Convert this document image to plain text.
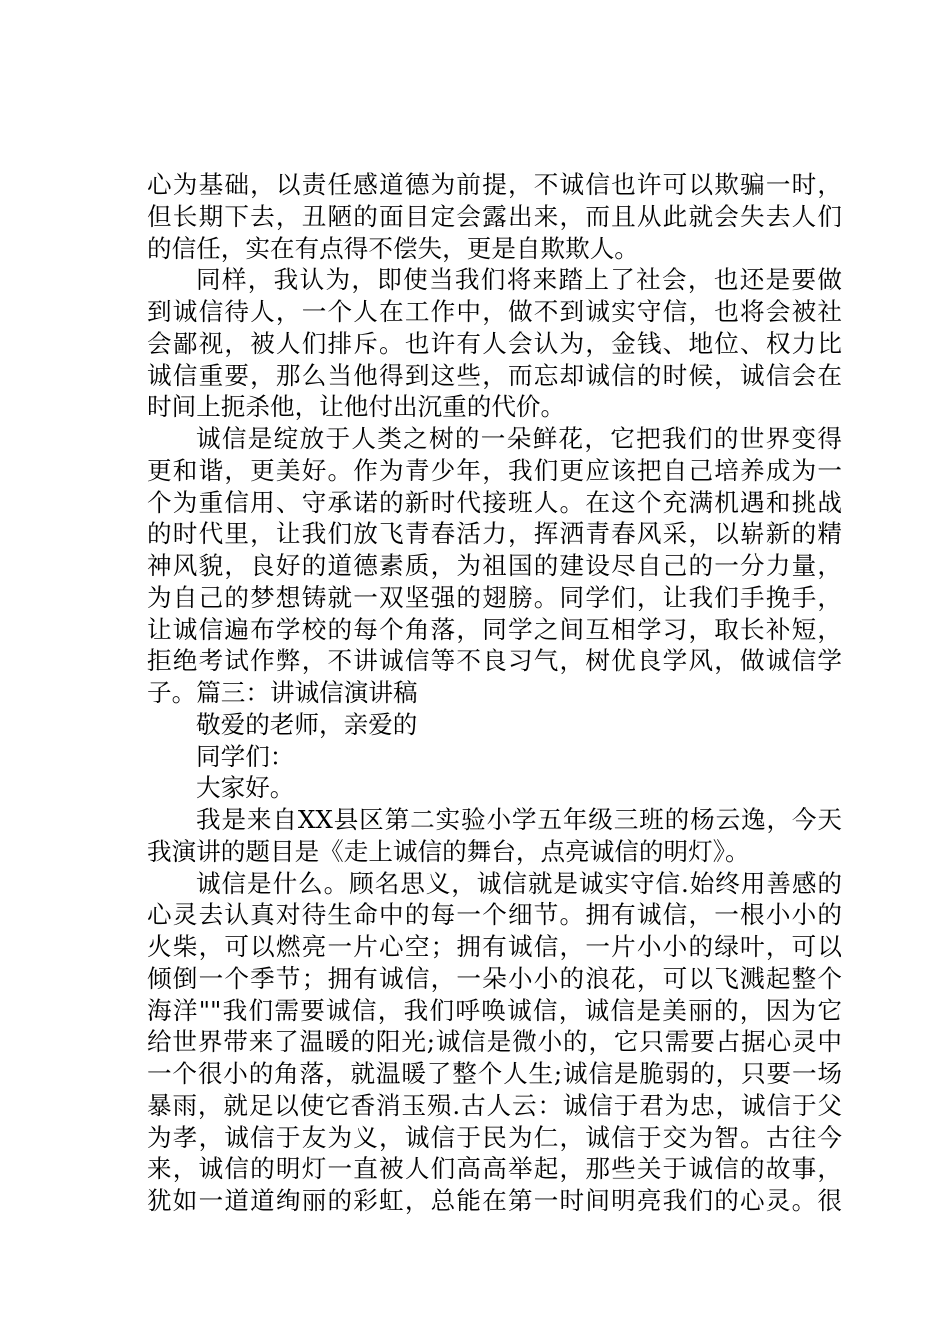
心为基础，以责任感道德为前提，不诚信也许可以欺骗一时，
但长期下去，丑陋的面目定会露出来，而且从此就会失去人们
的信任，实在有点得不偿失，更是自欺欺人。
同样，我认为，即使当我们将来踏上了社会，也还是要做
到诚信待人，一个人在工作中，做不到诚实守信，也将会被社
会鄙视，被人们排斥。也许有人会认为，金钱、地位、权力比
诚信重要，那么当他得到这些，而忘却诚信的时候，诚信会在
时间上扼杀他，让他付出沉重的代价。
诚信是绽放于人类之树的一朵鲜花，它把我们的世界变得
更和谐，更美好。作为青少年，我们更应该把自己培养成为一
个为重信用、守承诺的新时代接班人。在这个充满机遇和挑战
的时代里，让我们放飞青春活力，挥洒青春风采，以崭新的精
神风貌，良好的道德素质，为祖国的建设尽自己的一分力量，
为自己的梦想铸就一双坚强的翅膀。同学们，让我们手挽手，
让诚信遍布学校的每个角落，同学之间互相学习，取长补短，
拒绝考试作弊，不讲诚信等不良习气，树优良学风，做诚信学
子。篇三：讲诚信演讲稿
敬爱的老师，亲爱的
同学们：
大家好。
我是来自XX县区第二实验小学五年级三班的杨云逸，今天
我演讲的题目是《走上诚信的舞台，点亮诚信的明灯》。
诚信是什么。顾名思义，诚信就是诚实守信.始终用善感的
心灵去认真对待生命中的每一个细节。拥有诚信，一根小小的
火柴，可以燃亮一片心空；拥有诚信，一片小小的绿叶，可以
倾倒一个季节；拥有诚信，一朵小小的浪花，可以飞溅起整个
海洋""我们需要诚信，我们呼唤诚信，诚信是美丽的，因为它
给世界带来了温暖的阳光;诚信是微小的，它只需要占据心灵中
一个很小的角落，就温暖了整个人生;诚信是脆弱的，只要一场
暴雨，就足以使它香消玉殒.古人云：诚信于君为忠，诚信于父
为孝，诚信于友为义，诚信于民为仁，诚信于交为智。古往今
来，诚信的明灯一直被人们高高举起，那些关于诚信的故事，
犹如一道道绚丽的彩虹，总能在第一时间明亮我们的心灵。很
